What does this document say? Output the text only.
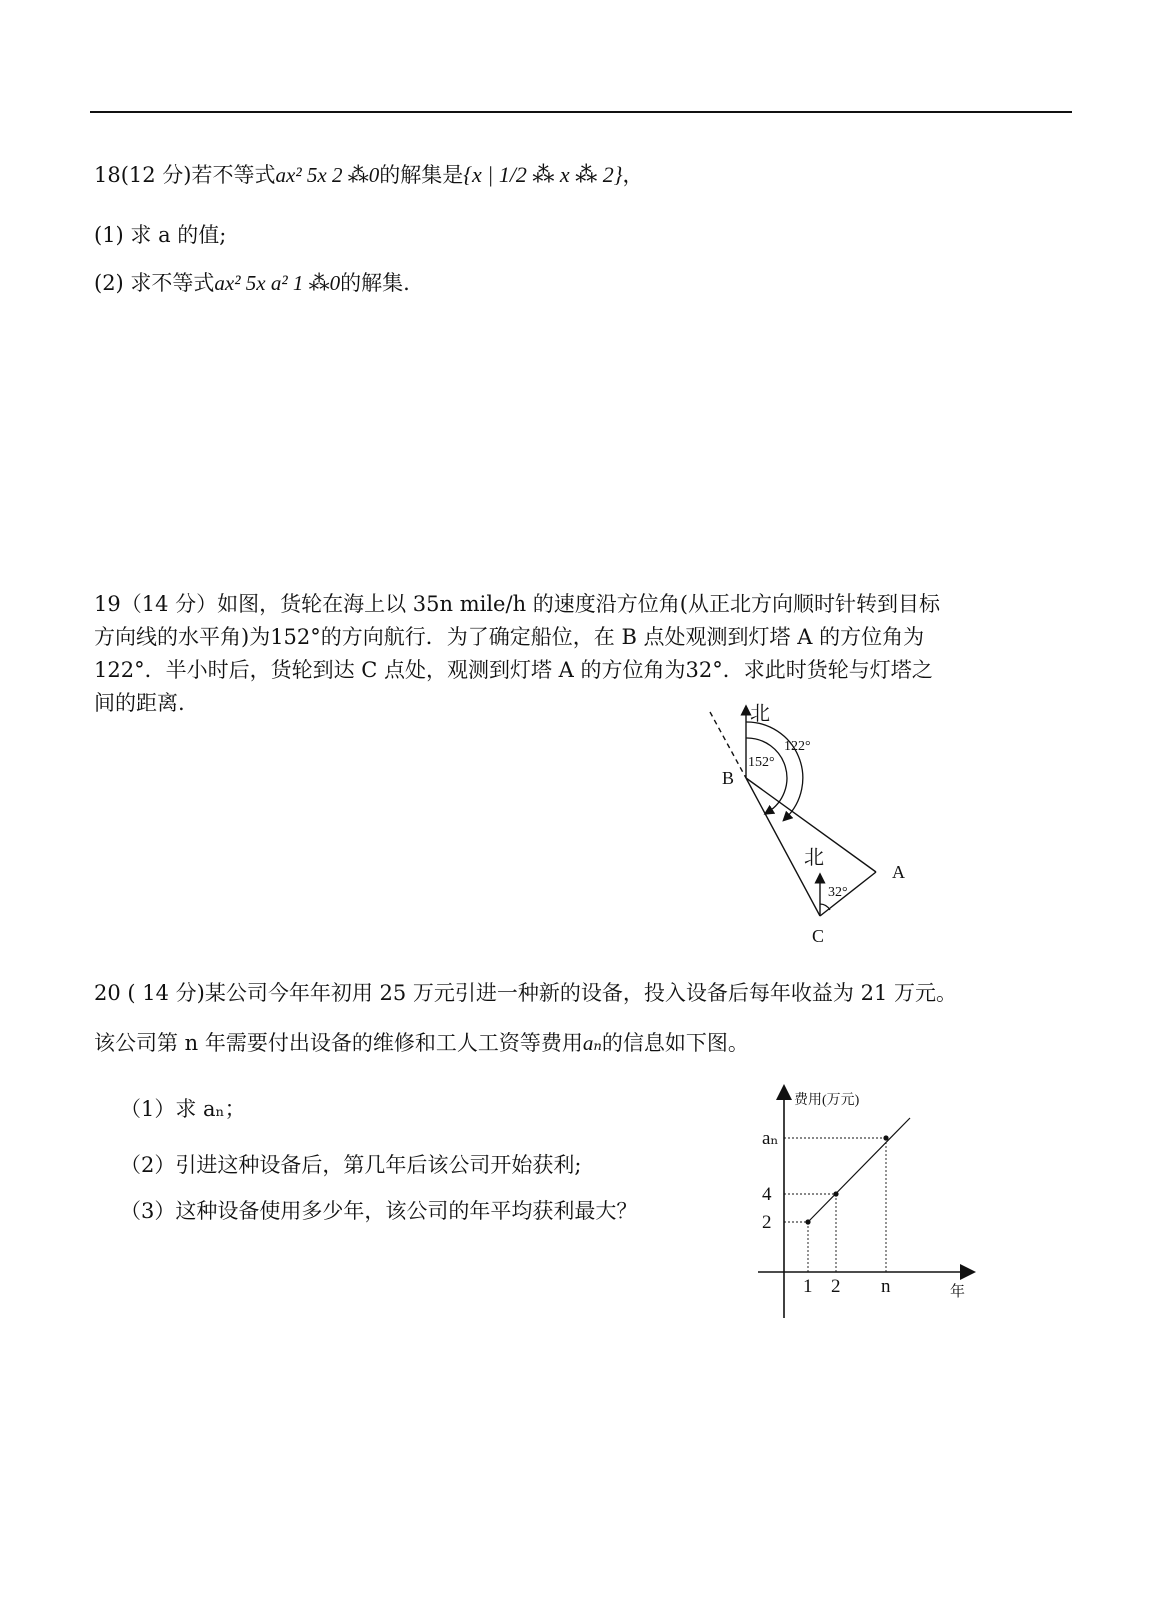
18(12 分)若不等式ax² 5x 2 ⁂0的解集是{x | 1/2 ⁂ x ⁂ 2}，
(1) 求 a 的值;
(2) 求不等式ax² 5x a² 1 ⁂0的解集.
19（14 分）如图，货轮在海上以 35n mile/h 的速度沿方位角(从正北方向顺时针转到目标
方向线的水平角)为152°的方向航行．为了确定船位，在 B 点处观测到灯塔 A 的方位角为
122°．半小时后，货轮到达 C 点处，观测到灯塔 A 的方位角为32°．求此时货轮与灯塔之
间的距离.	北
122°
152°
B
A
北
32°
C
20 ( 14 分)某公司今年年初用 25 万元引进一种新的设备，投入设备后每年收益为 21 万元。
该公司第 n 年需要付出设备的维修和工人工资等费用aₙ的信息如下图。
（1）求 aₙ；
（2）引进这种设备后，第几年后该公司开始获利;
（3）这种设备使用多少年，该公司的年平均获利最大？
费用(万元)
年
1 2 n
2
4
aₙ
